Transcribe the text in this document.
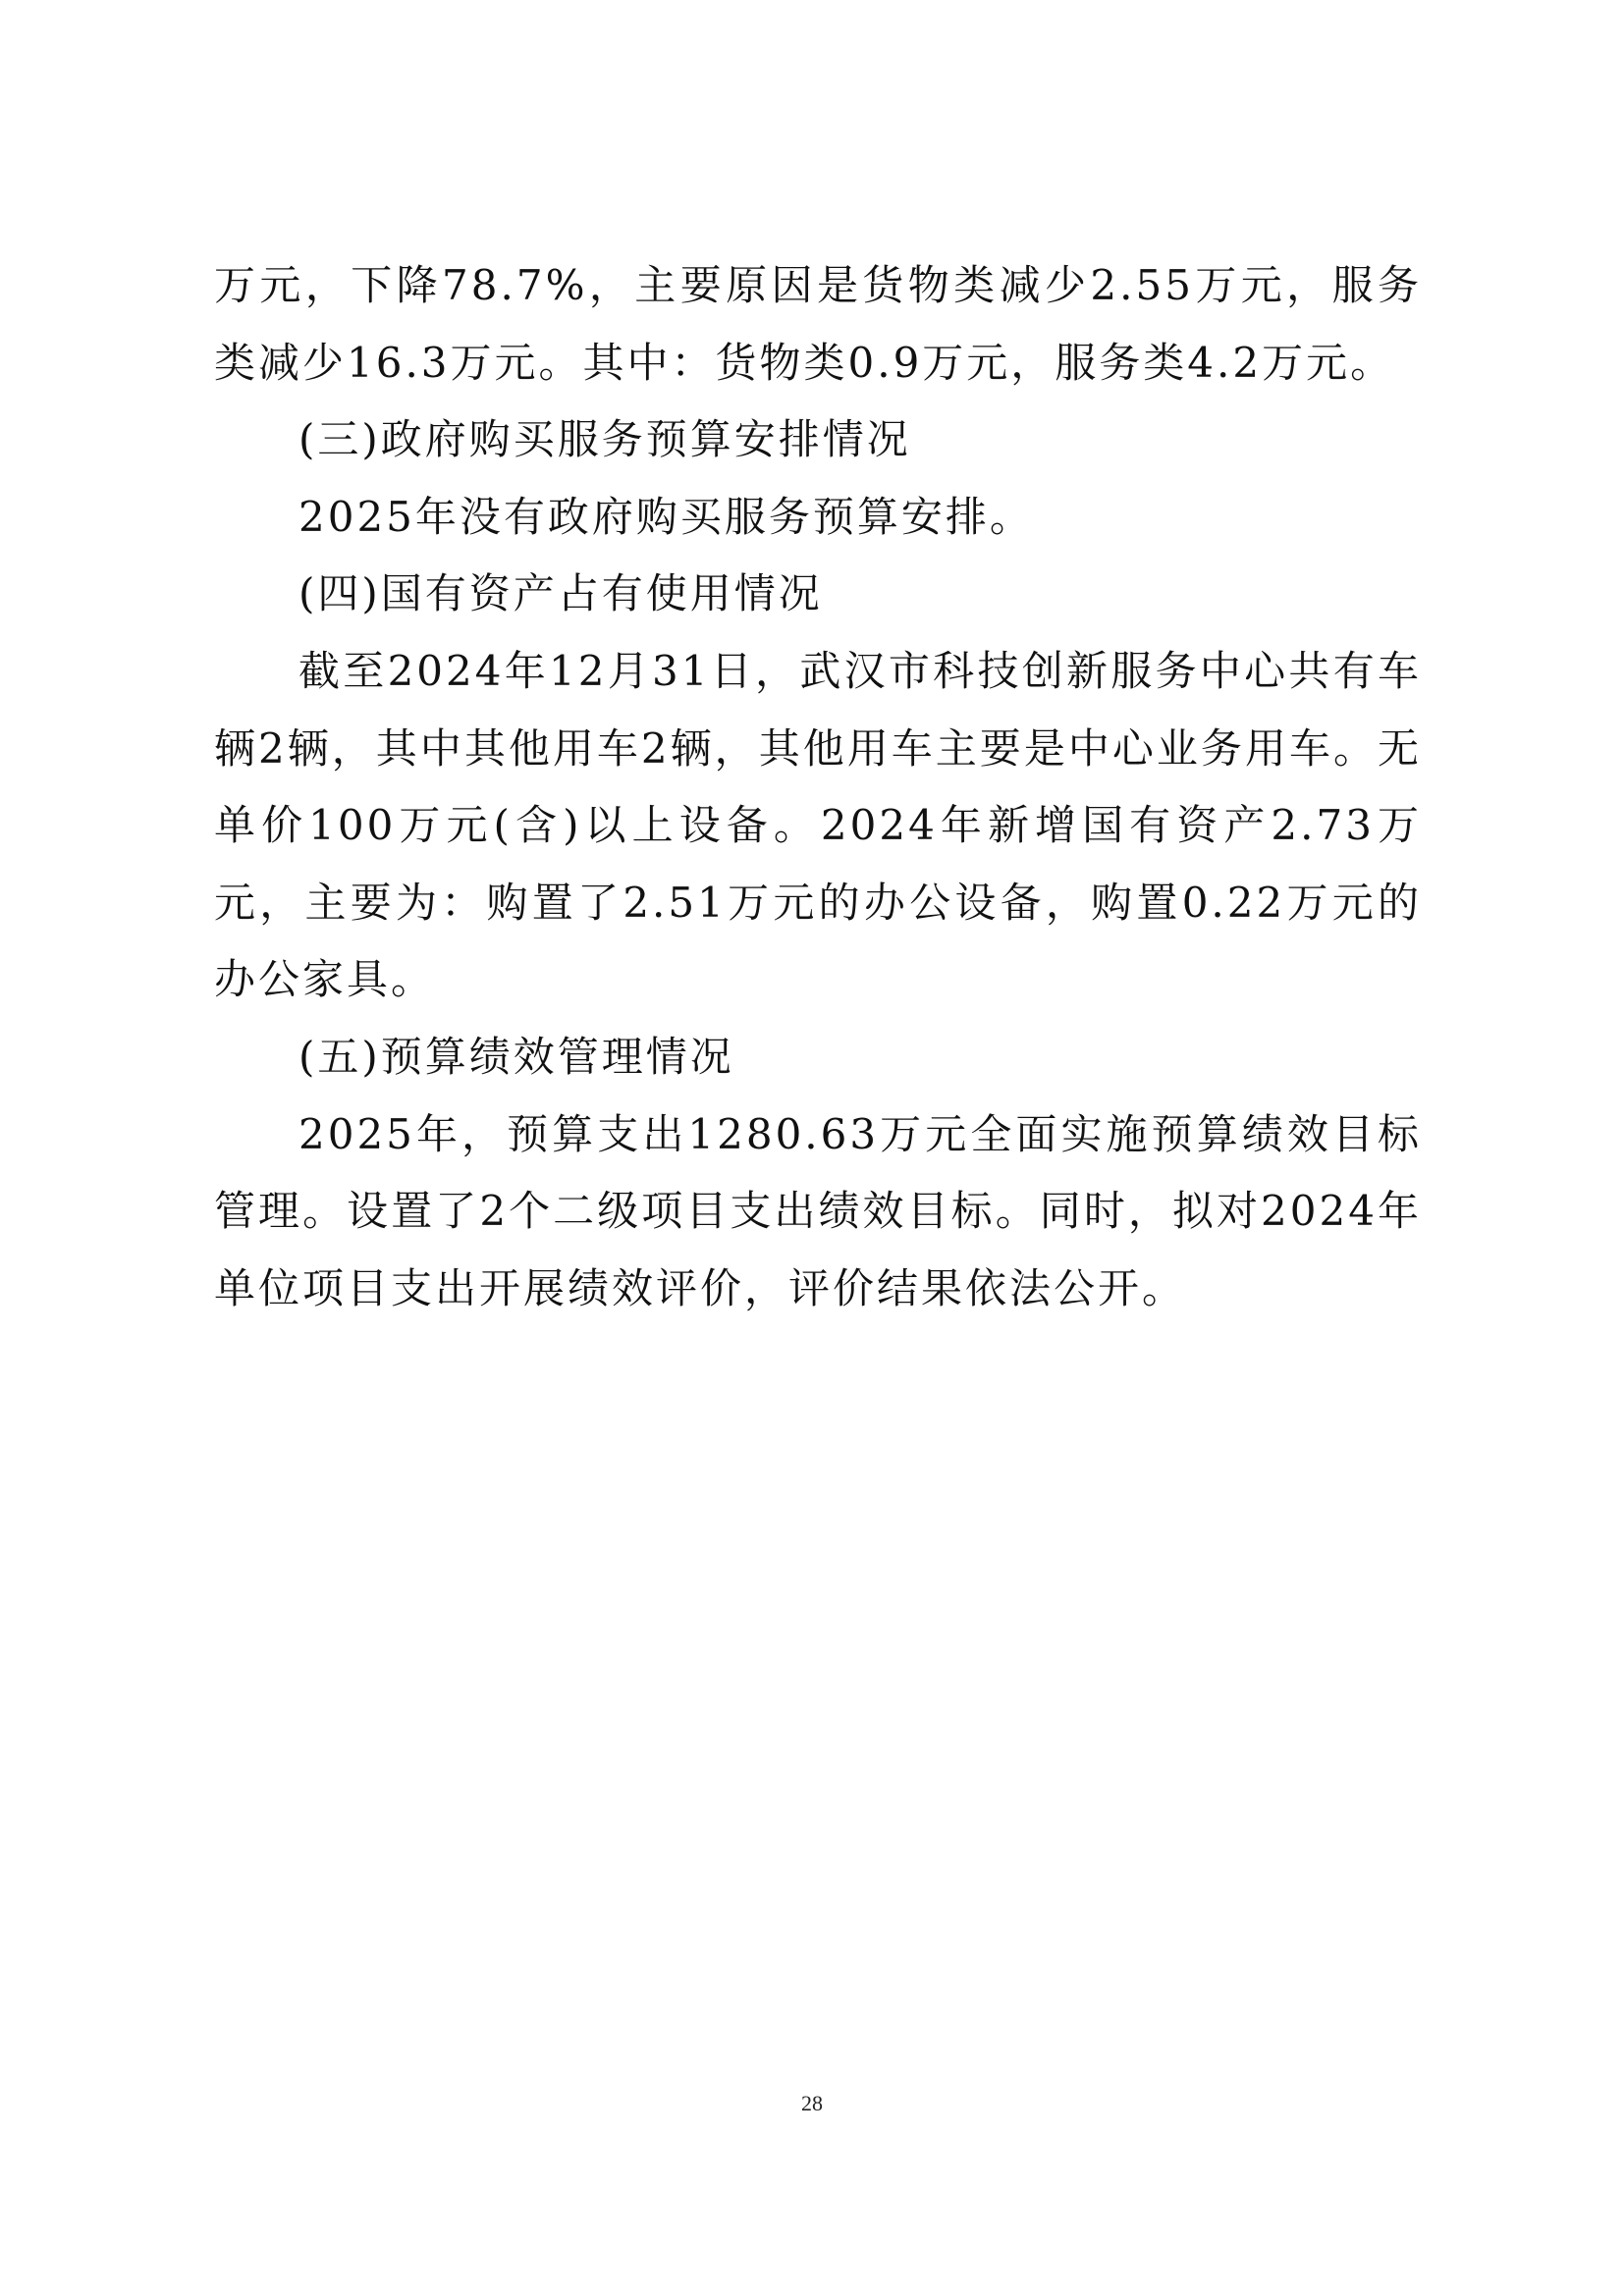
万元，下降78.7%，主要原因是货物类减少2.55万元，服务类减少16.3万元。其中：货物类0.9万元，服务类4.2万元。

(三)政府购买服务预算安排情况

2025年没有政府购买服务预算安排。

(四)国有资产占有使用情况

截至2024年12月31日，武汉市科技创新服务中心共有车辆2辆，其中其他用车2辆，其他用车主要是中心业务用车。无单价100万元(含)以上设备。2024年新增国有资产2.73万元，主要为：购置了2.51万元的办公设备，购置0.22万元的办公家具。

(五)预算绩效管理情况

2025年，预算支出1280.63万元全面实施预算绩效目标管理。设置了2个二级项目支出绩效目标。同时，拟对2024年单位项目支出开展绩效评价，评价结果依法公开。

28
